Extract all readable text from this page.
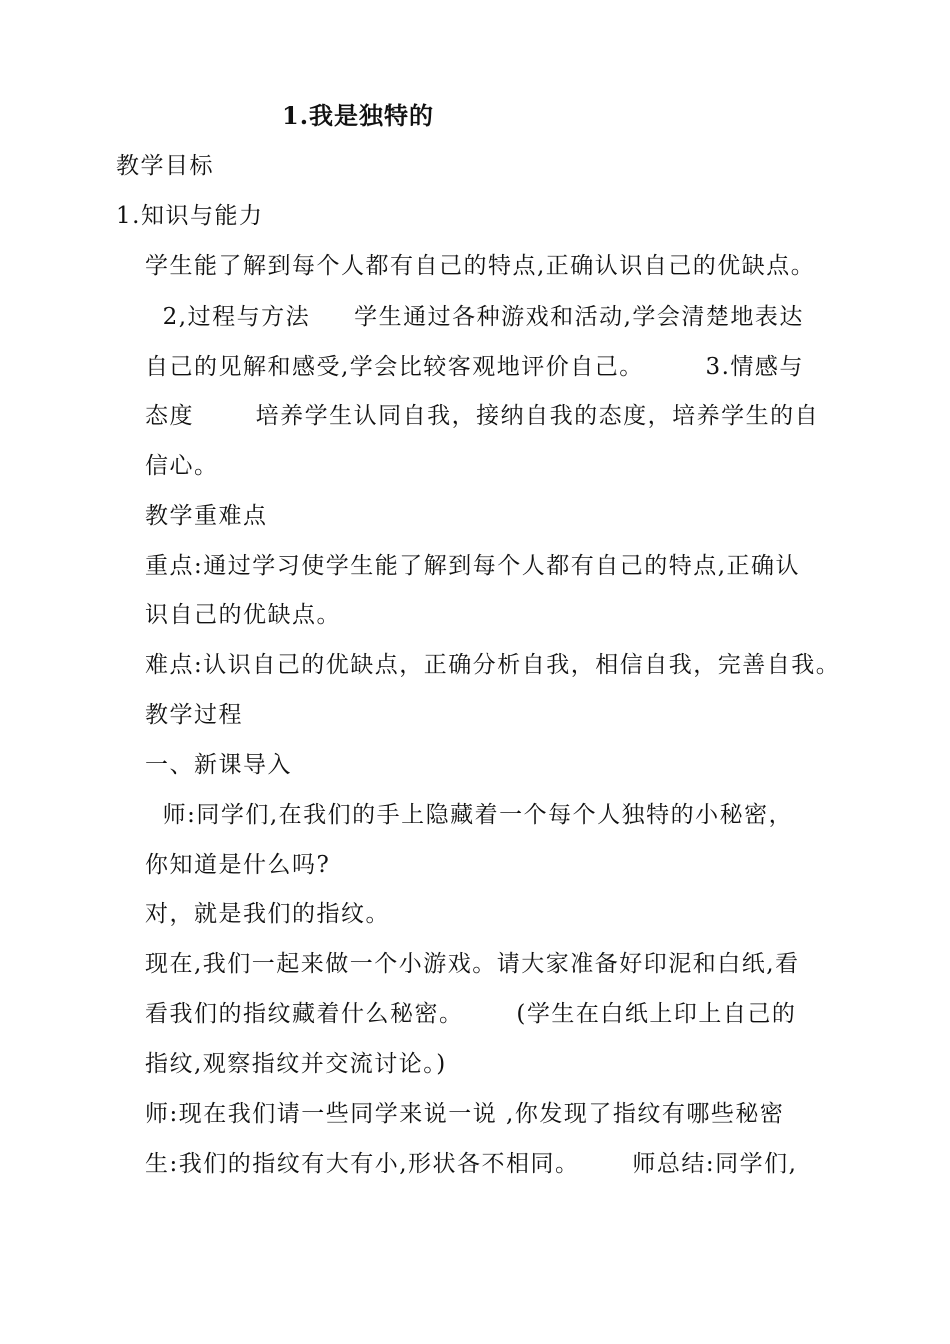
1.我是独特的
教学目标
1.知识与能力
学生能了解到每个人都有自己的特点,正确认识自己的优缺点。
2,过程与方法     学生通过各种游戏和活动,学会清楚地表达
自己的见解和感受,学会比较客观地评价自己。       3.情感与
态度       培养学生认同自我，接纳自我的态度，培养学生的自
信心。
教学重难点
重点:通过学习使学生能了解到每个人都有自己的特点,正确认
识自己的优缺点。
难点:认识自己的优缺点，正确分析自我，相信自我，完善自我。
教学过程
一、新课导入
师:同学们,在我们的手上隐藏着一个每个人独特的小秘密，
你知道是什么吗?
对，就是我们的指纹。
现在,我们一起来做一个小游戏。请大家准备好印泥和白纸,看
看我们的指纹藏着什么秘密。      (学生在白纸上印上自己的
指纹,观察指纹并交流讨论。)
师:现在我们请一些同学来说一说 ,你发现了指纹有哪些秘密
生:我们的指纹有大有小,形状各不相同。      师总结:同学们,
